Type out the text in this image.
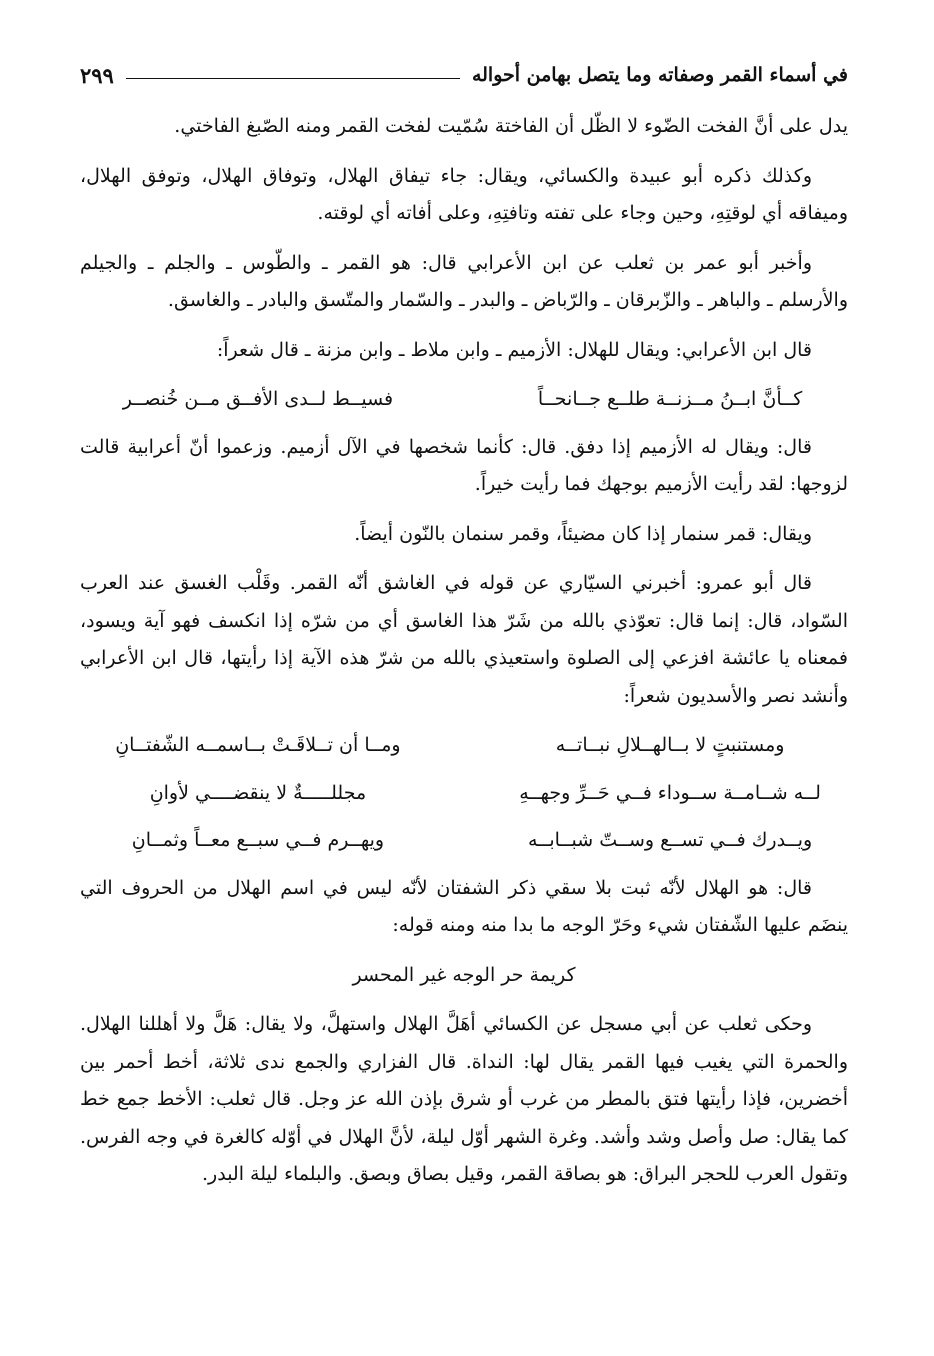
في أسماء القمر وصفاته وما يتصل بهامن أحواله
٢٩٩

يدل على أنَّ الفخت الضّوء لا الظّل أن الفاختة سُمّيت لفخت القمر ومنه الصّبغ الفاختي.

وكذلك ذكره أبو عبيدة والكسائي، ويقال: جاء تيفاق الهلال، وتوفاق الهلال، وتوفق الهلال، وميفاقه أي لوقتِهِ، وحين وجاء على تفته وتافتِهِ، وعلى أفاته أي لوقته.

وأخبر أبو عمر بن ثعلب عن ابن الأعرابي قال: هو القمر ـ والطّوس ـ والجلم ـ والجيلم والأرسلم ـ والباهر ـ والزّبرقان ـ والرّباض ـ والبدر ـ والسّمار والمتّسق والبادر ـ والغاسق.

قال ابن الأعرابي: ويقال للهلال: الأزميم ـ وابن ملاط ـ وابن مزنة ـ قال شعراً:

كــأنَّ ابــنُ مــزنــة طلــع جــانحــاً
فسيــط لــدى الأفــق مــن خُنصــر

قال: ويقال له الأزميم إذا دفق. قال: كأنما شخصها في الآل أزميم. وزعموا أنّ أعرابية قالت لزوجها: لقد رأيت الأزميم بوجهك فما رأيت خيراً.

ويقال: قمر سنمار إذا كان مضيئاً، وقمر سنمان بالنّون أيضاً.

قال أبو عمرو: أخبرني السيّاري عن قوله في الغاشق أنّه القمر. وقَلْب الغسق عند العرب السّواد، قال: إنما قال: تعوّذي بالله من شَرّ هذا الغاسق أي من شرّه إذا انكسف فهو آية ويسود، فمعناه يا عائشة افزعي إلى الصلوة واستعيذي بالله من شرّ هذه الآية إذا رأيتها، قال ابن الأعرابي وأنشد نصر والأسديون شعراً:

ومستنبتٍ لا بــالهــلالِ نبــاتــه
ومــا أن تــلاقَـتْ بــاسمــه الشّفتــانِ
لــه شــامــة ســوداء فــي حَــرِّ وجهــهِ
مجللـــــةٌ لا ينقضــــي لأوانِ
ويــدرك فــي تســع وســتّ شبــابــه
ويهــرم فــي سبــع معــاً وثمــانِ

قال: هو الهلال لأنّه ثبت بلا سقي ذكر الشفتان لأنّه ليس في اسم الهلال من الحروف التي ينضَم عليها الشّفتان شيء وحَرّ الوجه ما بدا منه ومنه قوله:

كريمة حر الوجه غير المحسر

وحكى ثعلب عن أبي مسجل عن الكسائي أهَلَّ الهلال واستهلَّ، ولا يقال: هَلَّ ولا أهللنا الهلال. والحمرة التي يغيب فيها القمر يقال لها: النداة. قال الفزاري والجمع ندى ثلاثة، أخط أحمر بين أخضرين، فإذا رأيتها فتق بالمطر من غرب أو شرق بإذن الله عز وجل. قال ثعلب: الأخط جمع خط كما يقال: صل وأصل وشد وأشد. وغرة الشهر أوّل ليلة، لأنَّ الهلال في أوّله كالغرة في وجه الفرس. وتقول العرب للحجر البراق: هو بصاقة القمر، وقيل بصاق وبصق. والبلماء ليلة البدر.
